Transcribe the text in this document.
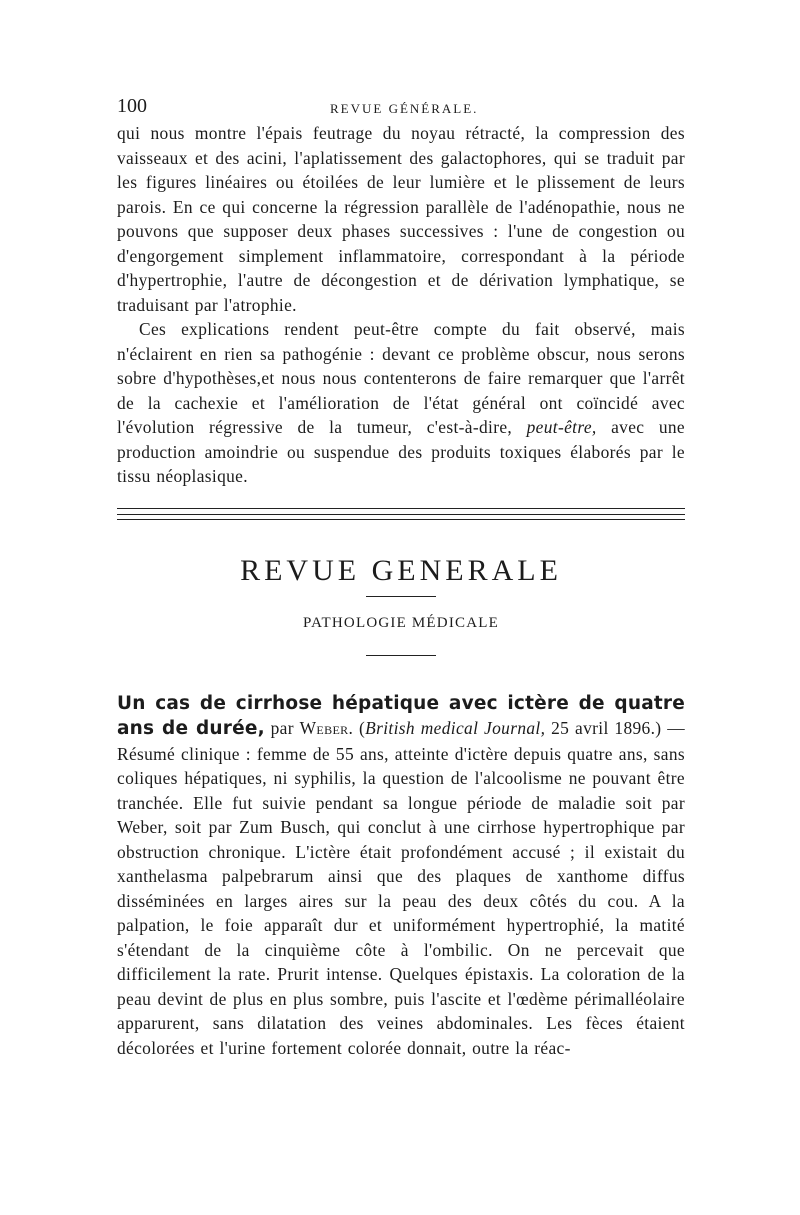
100	REVUE GÉNÉRALE.

qui nous montre l'épais feutrage du noyau rétracté, la compression des vaisseaux et des acini, l'aplatissement des galactophores, qui se traduit par les figures linéaires ou étoilées de leur lumière et le plissement de leurs parois. En ce qui concerne la régression parallèle de l'adénopathie, nous ne pouvons que supposer deux phases successives : l'une de congestion ou d'engorgement simplement inflammatoire, correspondant à la période d'hypertrophie, l'autre de décongestion et de dérivation lymphatique, se traduisant par l'atrophie.

Ces explications rendent peut-être compte du fait observé, mais n'éclairent en rien sa pathogénie : devant ce problème obscur, nous serons sobre d'hypothèses,et nous nous contenterons de faire remarquer que l'arrêt de la cachexie et l'amélioration de l'état général ont coïncidé avec l'évolution régressive de la tumeur, c'est-à-dire, peut-être, avec une production amoindrie ou suspendue des produits toxiques élaborés par le tissu néoplasique.

REVUE GENERALE
PATHOLOGIE MÉDICALE

Un cas de cirrhose hépatique avec ictère de quatre ans de durée, par Weber. (British medical Journal, 25 avril 1896.) — Résumé clinique : femme de 55 ans, atteinte d'ictère depuis quatre ans, sans coliques hépatiques, ni syphilis, la question de l'alcoolisme ne pouvant être tranchée. Elle fut suivie pendant sa longue période de maladie soit par Weber, soit par Zum Busch, qui conclut à une cirrhose hypertrophique par obstruction chronique. L'ictère était profondément accusé ; il existait du xanthelasma palpebrarum ainsi que des plaques de xanthome diffus disséminées en larges aires sur la peau des deux côtés du cou. A la palpation, le foie apparaît dur et uniformément hypertrophié, la matité s'étendant de la cinquième côte à l'ombilic. On ne percevait que difficilement la rate. Prurit intense. Quelques épistaxis. La coloration de la peau devint de plus en plus sombre, puis l'ascite et l'œdème périmalléolaire apparurent, sans dilatation des veines abdominales. Les fèces étaient décolorées et l'urine fortement colorée donnait, outre la réac-
